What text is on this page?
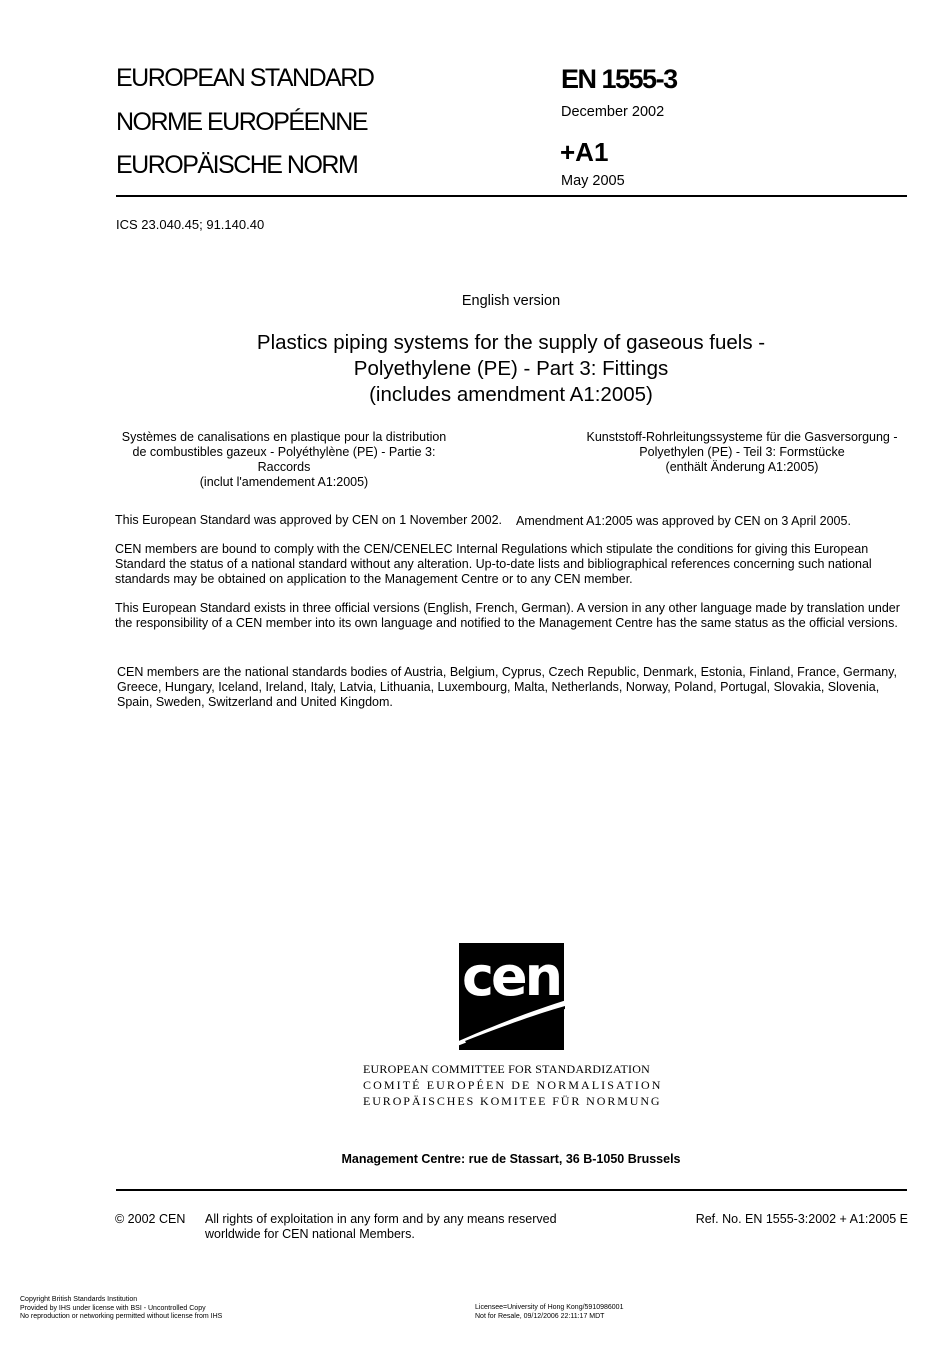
EUROPEAN STANDARD
NORME EUROPÉENNE
EUROPÄISCHE NORM
EN 1555-3
December 2002
+A1
May 2005
ICS 23.040.45; 91.140.40
English version
Plastics piping systems for the supply of gaseous fuels -
Polyethylene (PE) - Part 3: Fittings
(includes amendment A1:2005)
Systèmes de canalisations en plastique pour la distribution
de combustibles gazeux - Polyéthylène (PE) - Partie 3:
Raccords
(inclut l'amendement A1:2005)
Kunststoff-Rohrleitungssysteme für die Gasversorgung -
Polyethylen (PE) - Teil 3: Formstücke
(enthält Änderung A1:2005)
This European Standard was approved by CEN on 1 November 2002. Amendment A1:2005 was approved by CEN on 3 April 2005.
CEN members are bound to comply with the CEN/CENELEC Internal Regulations which stipulate the conditions for giving this European Standard the status of a national standard without any alteration. Up-to-date lists and bibliographical references concerning such national standards may be obtained on application to the Management Centre or to any CEN member.
This European Standard exists in three official versions (English, French, German). A version in any other language made by translation under the responsibility of a CEN member into its own language and notified to the Management Centre has the same status as the official versions.
CEN members are the national standards bodies of Austria, Belgium, Cyprus, Czech Republic, Denmark, Estonia, Finland, France, Germany, Greece, Hungary, Iceland, Ireland, Italy, Latvia, Lithuania, Luxembourg, Malta, Netherlands, Norway, Poland, Portugal, Slovakia, Slovenia, Spain, Sweden, Switzerland and United Kingdom.
cen
EUROPEAN COMMITTEE FOR STANDARDIZATION
COMITÉ EUROPÉEN DE NORMALISATION
EUROPÄISCHES KOMITEE FÜR NORMUNG
Management Centre: rue de Stassart, 36 B-1050 Brussels
© 2002 CEN All rights of exploitation in any form and by any means reserved
worldwide for CEN national Members.
Ref. No. EN 1555-3:2002 + A1:2005 E
Copyright British Standards Institution
Provided by IHS under license with BSI - Uncontrolled Copy
No reproduction or networking permitted without license from IHS
Licensee=University of Hong Kong/5910986001
Not for Resale, 09/12/2006 22:11:17 MDT
